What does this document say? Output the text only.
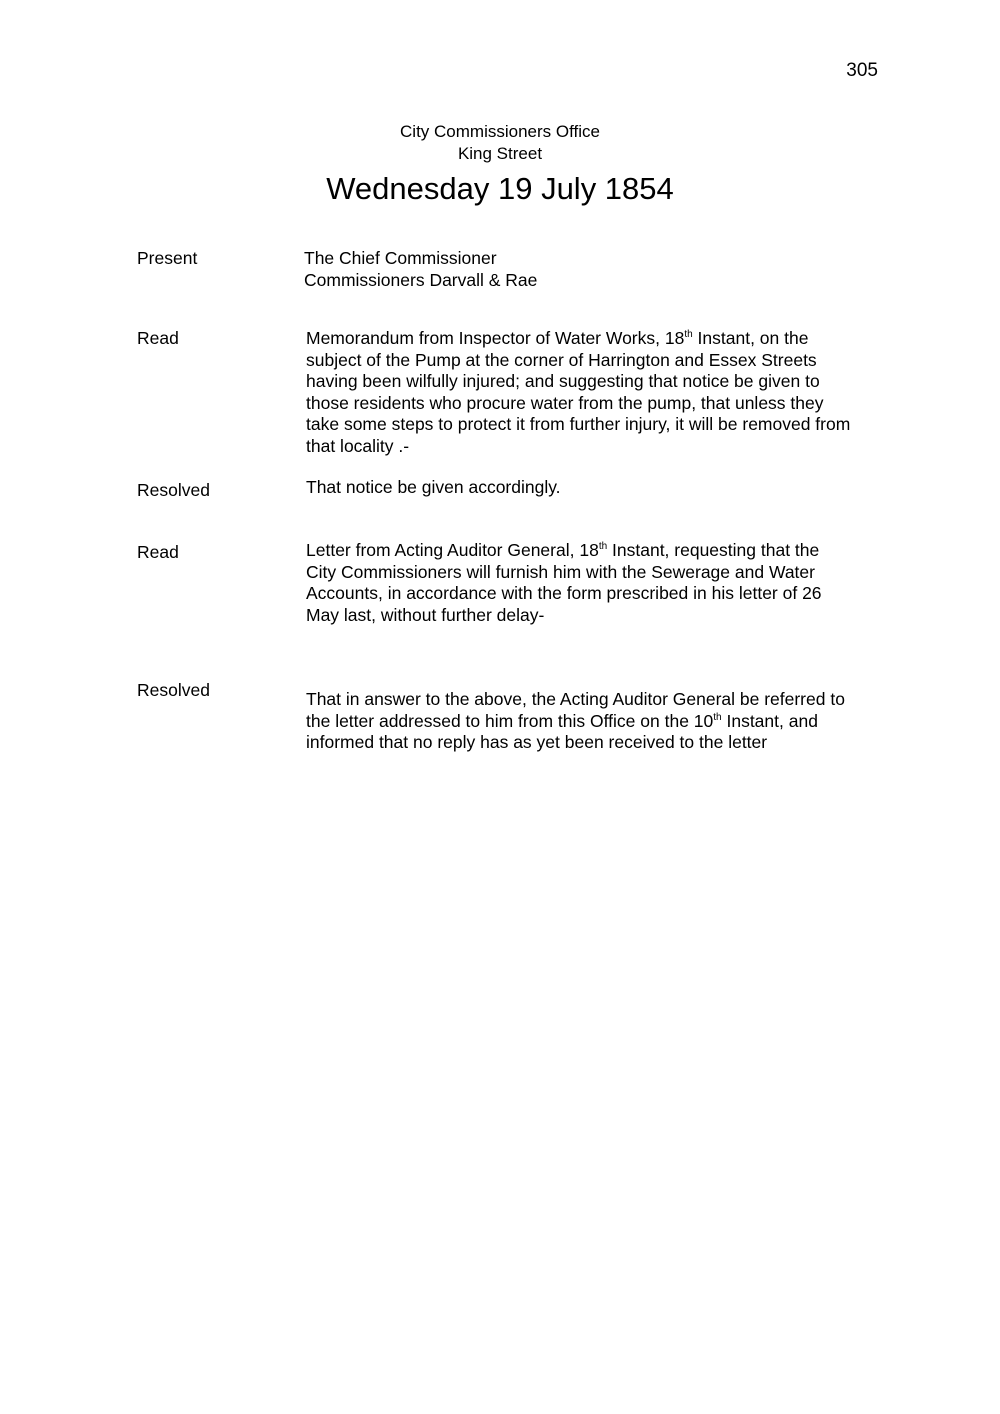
305
City Commissioners Office
King Street
Wednesday 19 July 1854
Present	The Chief Commissioner
Commissioners Darvall & Rae
Read	Memorandum from Inspector of Water Works, 18th Instant, on the
subject of the Pump at the corner of Harrington and Essex Streets
having been wilfully injured; and suggesting that notice be given to
those residents who procure water from the pump, that unless they
take some steps to protect it from further injury, it will be removed from
that locality .-
Resolved	That notice be given accordingly.
Read	Letter from Acting Auditor General, 18th Instant, requesting that the
City Commissioners will furnish him with the Sewerage and Water
Accounts, in accordance with the form prescribed in his letter of 26
May last, without further delay-
Resolved	That in answer to the above, the Acting Auditor General be referred to
the letter addressed to him from this Office on the 10th Instant, and
informed that no reply has as yet been received to the letter
